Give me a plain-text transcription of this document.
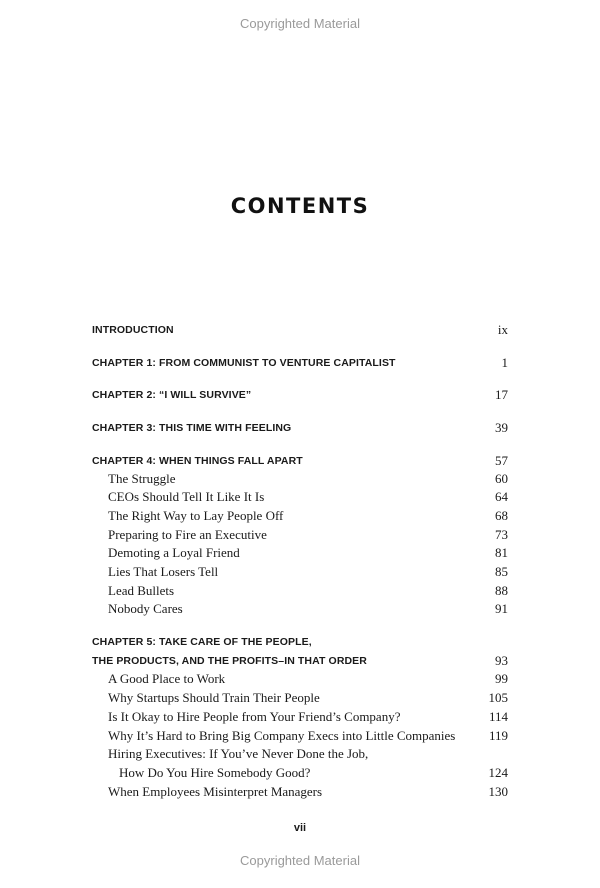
Copyrighted Material
CONTENTS
INTRODUCTION	ix
CHAPTER 1: FROM COMMUNIST TO VENTURE CAPITALIST	1
CHAPTER 2: “I WILL SURVIVE”	17
CHAPTER 3: THIS TIME WITH FEELING	39
CHAPTER 4: WHEN THINGS FALL APART	57
The Struggle	60
CEOs Should Tell It Like It Is	64
The Right Way to Lay People Off	68
Preparing to Fire an Executive	73
Demoting a Loyal Friend	81
Lies That Losers Tell	85
Lead Bullets	88
Nobody Cares	91
CHAPTER 5: TAKE CARE OF THE PEOPLE,
THE PRODUCTS, AND THE PROFITS–IN THAT ORDER	93
A Good Place to Work	99
Why Startups Should Train Their People	105
Is It Okay to Hire People from Your Friend’s Company?	114
Why It’s Hard to Bring Big Company Execs into Little Companies	119
Hiring Executives: If You’ve Never Done the Job,
How Do You Hire Somebody Good?	124
When Employees Misinterpret Managers	130
vii
Copyrighted Material
